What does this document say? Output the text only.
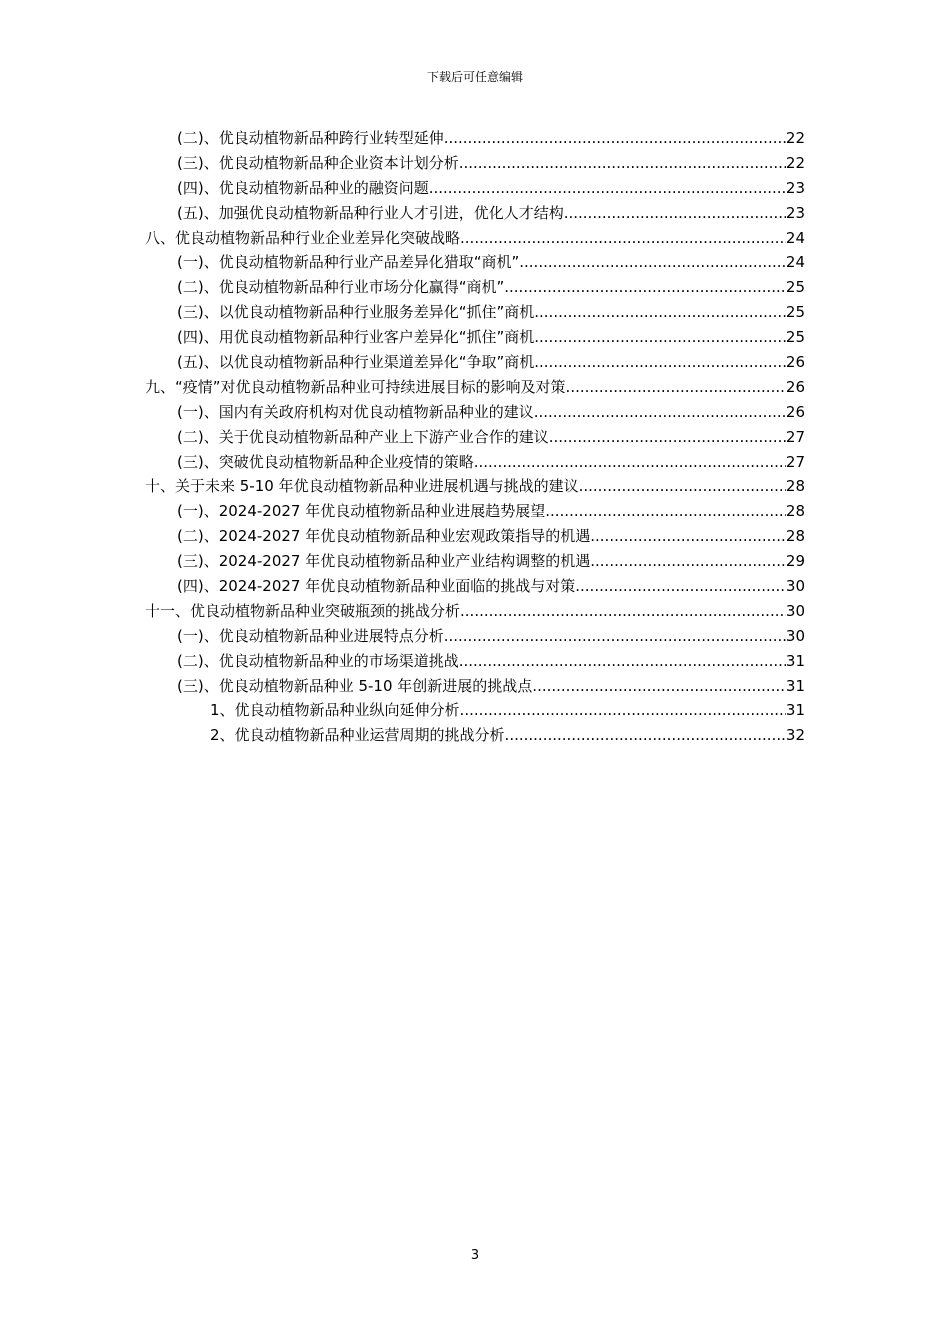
下载后可任意编辑
(二)、优良动植物新品种跨行业转型延伸 .....	22
(三)、优良动植物新品种企业资本计划分析 .....	22
(四)、优良动植物新品种业的融资问题 .....	23
(五)、加强优良动植物新品种行业人才引进，优化人才结构 .....	23
八、优良动植物新品种行业企业差异化突破战略 .....	24
(一)、优良动植物新品种行业产品差异化猎取“商机” .....	24
(二)、优良动植物新品种行业市场分化赢得“商机” .....	25
(三)、以优良动植物新品种行业服务差异化“抓住”商机 .....	25
(四)、用优良动植物新品种行业客户差异化“抓住”商机 .....	25
(五)、以优良动植物新品种行业渠道差异化“争取”商机 .....	26
九、“疫情”对优良动植物新品种业可持续进展目标的影响及对策 .....	26
(一)、国内有关政府机构对优良动植物新品种业的建议 .....	26
(二)、关于优良动植物新品种产业上下游产业合作的建议 .....	27
(三)、突破优良动植物新品种企业疫情的策略 .....	27
十、关于未来 5-10 年优良动植物新品种业进展机遇与挑战的建议 .....	28
(一)、2024-2027 年优良动植物新品种业进展趋势展望 .....	28
(二)、2024-2027 年优良动植物新品种业宏观政策指导的机遇 .....	28
(三)、2024-2027 年优良动植物新品种业产业结构调整的机遇 .....	29
(四)、2024-2027 年优良动植物新品种业面临的挑战与对策 .....	30
十一、优良动植物新品种业突破瓶颈的挑战分析 .....	30
(一)、优良动植物新品种业进展特点分析 .....	30
(二)、优良动植物新品种业的市场渠道挑战 .....	31
(三)、优良动植物新品种业 5-10 年创新进展的挑战点 .....	31
1、优良动植物新品种业纵向延伸分析 .....	31
2、优良动植物新品种业运营周期的挑战分析 .....	32
3
